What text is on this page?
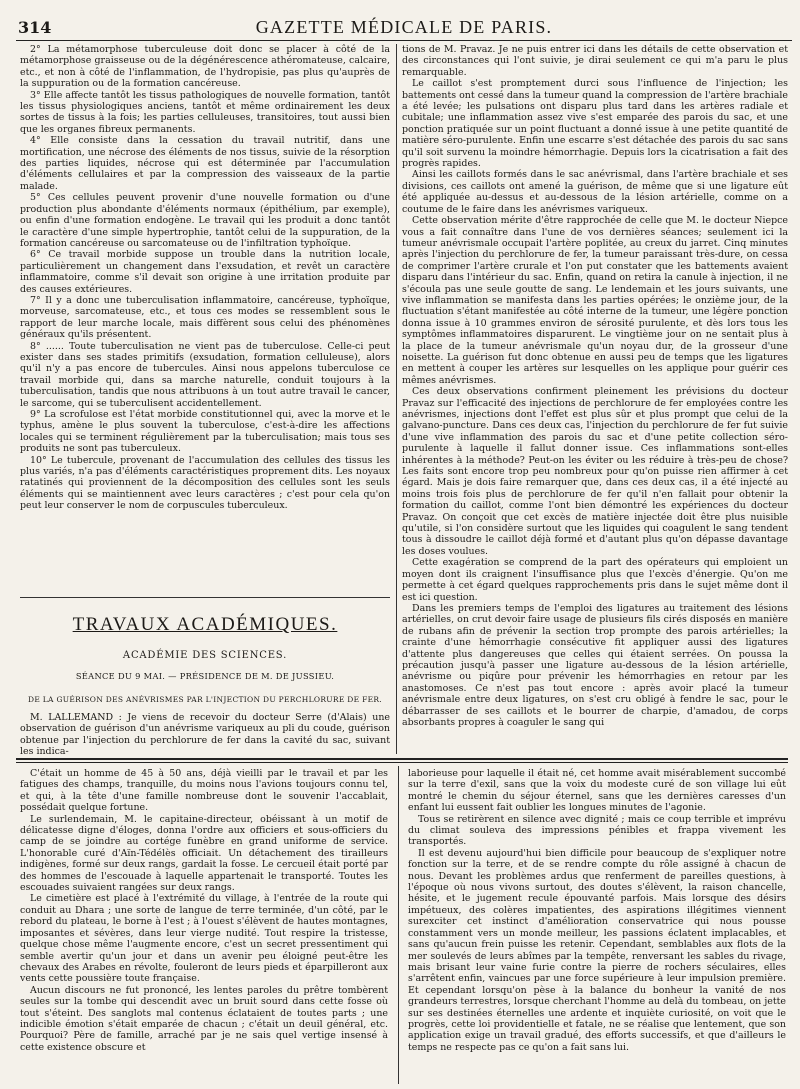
314	GAZETTE MÉDICALE DE PARIS.

2° La métamorphose tuberculeuse doit donc se placer à côté de la métamorphose graisseuse ou de la dégénérescence athéromateuse, calcaire, etc., et non à côté de l'inflammation, de l'hydropisie, pas plus qu'auprès de la suppuration ou de la formation cancéreuse.

3° Elle affecte tantôt les tissus pathologiques de nouvelle formation, tantôt les tissus physiologiques anciens, tantôt et même ordinairement les deux sortes de tissus à la fois; les parties celluleuses, transitoires, tout aussi bien que les organes fibreux permanents.

4° Elle consiste dans la cessation du travail nutritif, dans une mortification, une nécrose des éléments de nos tissus, suivie de la résorption des parties liquides, nécrose qui est déterminée par l'accumulation d'éléments cellulaires et par la compression des vaisseaux de la partie malade.

5° Ces cellules peuvent provenir d'une nouvelle formation ou d'une production plus abondante d'éléments normaux (épithélium, par exemple), ou enfin d'une formation endogène. Le travail qui les produit a donc tantôt le caractère d'une simple hypertrophie, tantôt celui de la suppuration, de la formation cancéreuse ou sarcomateuse ou de l'infiltration typhoïque.

6° Ce travail morbide suppose un trouble dans la nutrition locale, particulièrement un changement dans l'exsudation, et revêt un caractère inflammatoire, comme s'il devait son origine à une irritation produite par des causes extérieures.

7° Il y a donc une tuberculisation inflammatoire, cancéreuse, typhoïque, morveuse, sarcomateuse, etc., et tous ces modes se ressemblent sous le rapport de leur marche locale, mais diffèrent sous celui des phénomènes généraux qu'ils présentent.

8° ...... Toute tuberculisation ne vient pas de tuberculose. Celle-ci peut exister dans ses stades primitifs (exsudation, formation celluleuse), alors qu'il n'y a pas encore de tubercules. Ainsi nous appelons tuberculose ce travail morbide qui, dans sa marche naturelle, conduit toujours à la tuberculisation, tandis que nous attribuons à un tout autre travail le cancer, le sarcome, qui se tuberculisent accidentellement.

9° La scrofulose est l'état morbide constitutionnel qui, avec la morve et le typhus, amène le plus souvent la tuberculose, c'est-à-dire les affections locales qui se terminent régulièrement par la tuberculisation; mais tous ses produits ne sont pas tuberculeux.

10° Le tubercule, provenant de l'accumulation des cellules des tissus les plus variés, n'a pas d'éléments caractéristiques proprement dits. Les noyaux ratatinés qui proviennent de la décomposition des cellules sont les seuls éléments qui se maintiennent avec leurs caractères ; c'est pour cela qu'on peut leur conserver le nom de corpuscules tuberculeux.

TRAVAUX ACADÉMIQUES.
ACADÉMIE DES SCIENCES.
SÉANCE DU 9 MAI. — PRÉSIDENCE DE M. DE JUSSIEU.
DE LA GUÉRISON DES ANÉVRISMES PAR L'INJECTION DU PERCHLORURE DE FER.

M. LALLEMAND : Je viens de recevoir du docteur Serre (d'Alais) une observation de guérison d'un anévrisme variqueux au pli du coude, guérison obtenue par l'injection du perchlorure de fer dans la cavité du sac, suivant les indica-

tions de M. Pravaz. Je ne puis entrer ici dans les détails de cette observation et des circonstances qui l'ont suivie, je dirai seulement ce qui m'a paru le plus remarquable.

Le caillot s'est promptement durci sous l'influence de l'injection; les battements ont cessé dans la tumeur quand la compression de l'artère brachiale a été levée; les pulsations ont disparu plus tard dans les artères radiale et cubitale; une inflammation assez vive s'est emparée des parois du sac, et une ponction pratiquée sur un point fluctuant a donné issue à une petite quantité de matière séro-purulente. Enfin une escarre s'est détachée des parois du sac sans qu'il soit survenu la moindre hémorrhagie. Depuis lors la cicatrisation a fait des progrès rapides.

Ainsi les caillots formés dans le sac anévrismal, dans l'artère brachiale et ses divisions, ces caillots ont amené la guérison, de même que si une ligature eût été appliquée au-dessus et au-dessous de la lésion artérielle, comme on a coutume de le faire dans les anévrismes variqueux.

Cette observation mérite d'être rapprochée de celle que M. le docteur Niepce vous a fait connaître dans l'une de vos dernières séances; seulement ici la tumeur anévrismale occupait l'artère poplitée, au creux du jarret. Cinq minutes après l'injection du perchlorure de fer, la tumeur paraissant très-dure, on cessa de comprimer l'artère crurale et l'on put constater que les battements avaient disparu dans l'intérieur du sac. Enfin, quand on retira la canule à injection, il ne s'écoula pas une seule goutte de sang. Le lendemain et les jours suivants, une vive inflammation se manifesta dans les parties opérées; le onzième jour, de la fluctuation s'étant manifestée au côté interne de la tumeur, une légère ponction donna issue à 10 grammes environ de sérosité purulente, et dès lors tous les symptômes inflammatoires disparurent. Le vingtième jour on ne sentait plus à la place de la tumeur anévrismale qu'un noyau dur, de la grosseur d'une noisette. La guérison fut donc obtenue en aussi peu de temps que les ligatures en mettent à couper les artères sur lesquelles on les applique pour guérir ces mêmes anévrismes.

Ces deux observations confirment pleinement les prévisions du docteur Pravaz sur l'efficacité des injections de perchlorure de fer employées contre les anévrismes, injections dont l'effet est plus sûr et plus prompt que celui de la galvano-puncture. Dans ces deux cas, l'injection du perchlorure de fer fut suivie d'une vive inflammation des parois du sac et d'une petite collection séro-purulente à laquelle il fallut donner issue. Ces inflammations sont-elles inhérentes à la méthode? Peut-on les éviter ou les réduire à très-peu de chose? Les faits sont encore trop peu nombreux pour qu'on puisse rien affirmer à cet égard. Mais je dois faire remarquer que, dans ces deux cas, il a été injecté au moins trois fois plus de perchlorure de fer qu'il n'en fallait pour obtenir la formation du caillot, comme l'ont bien démontré les expériences du docteur Pravaz. On conçoit que cet excès de matière injectée doit être plus nuisible qu'utile, si l'on considère surtout que les liquides qui coagulent le sang tendent tous à dissoudre le caillot déjà formé et d'autant plus qu'on dépasse davantage les doses voulues.

Cette exagération se comprend de la part des opérateurs qui emploient un moyen dont ils craignent l'insuffisance plus que l'excès d'énergie. Qu'on me permette à cet égard quelques rapprochements pris dans le sujet même dont il est ici question.

Dans les premiers temps de l'emploi des ligatures au traitement des lésions artérielles, on crut devoir faire usage de plusieurs fils cirés disposés en manière de rubans afin de prévenir la section trop prompte des parois artérielles; la crainte d'une hémorrhagie consécutive fit appliquer aussi des ligatures d'attente plus dangereuses que celles qui étaient serrées. On poussa la précaution jusqu'à passer une ligature au-dessous de la lésion artérielle, anévrisme ou piqûre pour prévenir les hémorrhagies en retour par les anastomoses. Ce n'est pas tout encore : après avoir placé la tumeur anévrismale entre deux ligatures, on s'est cru obligé à fendre le sac, pour le débarrasser de ses caillots et le bourrer de charpie, d'amadou, de corps absorbants propres à coaguler le sang qui

C'était un homme de 45 à 50 ans, déjà vieilli par le travail et par les fatigues des champs, tranquille, du moins nous l'avions toujours connu tel, et qui, à la tête d'une famille nombreuse dont le souvenir l'accablait, possédait quelque fortune.

Le surlendemain, M. le capitaine-directeur, obéissant à un motif de délicatesse digne d'éloges, donna l'ordre aux officiers et sous-officiers du camp de se joindre au cortége funèbre en grand uniforme de service. L'honorable curé d'Aïn-Tédélès officiait. Un détachement des tirailleurs indigènes, formé sur deux rangs, gardait la fosse. Le cercueil était porté par des hommes de l'escouade à laquelle appartenait le transporté. Toutes les escouades suivaient rangées sur deux rangs.

Le cimetière est placé à l'extrémité du village, à l'entrée de la route qui conduit au Dhara ; une sorte de langue de terre terminée, d'un côté, par le rebord du plateau, le borne à l'est ; à l'ouest s'élèvent de hautes montagnes, imposantes et sévères, dans leur vierge nudité. Tout respire la tristesse, quelque chose même l'augmente encore, c'est un secret pressentiment qui semble avertir qu'un jour et dans un avenir peu éloigné peut-être les chevaux des Arabes en révolte, fouleront de leurs pieds et éparpilleront aux vents cette poussière toute française.

Aucun discours ne fut prononcé, les lentes paroles du prêtre tombèrent seules sur la tombe qui descendit avec un bruit sourd dans cette fosse où tout s'éteint. Des sanglots mal contenus éclataient de toutes parts ; une indicible émotion s'était emparée de chacun ; c'était un deuil général, etc. Pourquoi? Père de famille, arraché par je ne sais quel vertige insensé à cette existence obscure et

laborieuse pour laquelle il était né, cet homme avait misérablement succombé sur la terre d'exil, sans que la voix du modeste curé de son village lui eût montré le chemin du séjour éternel, sans que les dernières caresses d'un enfant lui eussent fait oublier les longues minutes de l'agonie.

Tous se retirèrent en silence avec dignité ; mais ce coup terrible et imprévu du climat souleva des impressions pénibles et frappa vivement les transportés.

Il est devenu aujourd'hui bien difficile pour beaucoup de s'expliquer notre fonction sur la terre, et de se rendre compte du rôle assigné à chacun de nous. Devant les problèmes ardus que renferment de pareilles questions, à l'époque où nous vivons surtout, des doutes s'élèvent, la raison chancelle, hésite, et le jugement recule épouvanté parfois. Mais lorsque des désirs impétueux, des colères impatientes, des aspirations illégitimes viennent surexciter cet instinct d'amélioration conservatrice qui nous pousse constamment vers un monde meilleur, les passions éclatent implacables, et sans qu'aucun frein puisse les retenir. Cependant, semblables aux flots de la mer soulevés de leurs abîmes par la tempête, renversant les sables du rivage, mais brisant leur vaine furie contre la pierre de rochers séculaires, elles s'arrêtent enfin, vaincues par une force supérieure à leur impulsion première. Et cependant lorsqu'on pèse à la balance du bonheur la vanité de nos grandeurs terrestres, lorsque cherchant l'homme au delà du tombeau, on jette sur ses destinées éternelles une ardente et inquiète curiosité, on voit que le progrès, cette loi providentielle et fatale, ne se réalise que lentement, que son application exige un travail gradué, des efforts successifs, et que d'ailleurs le temps ne respecte pas ce qu'on a fait sans lui.
